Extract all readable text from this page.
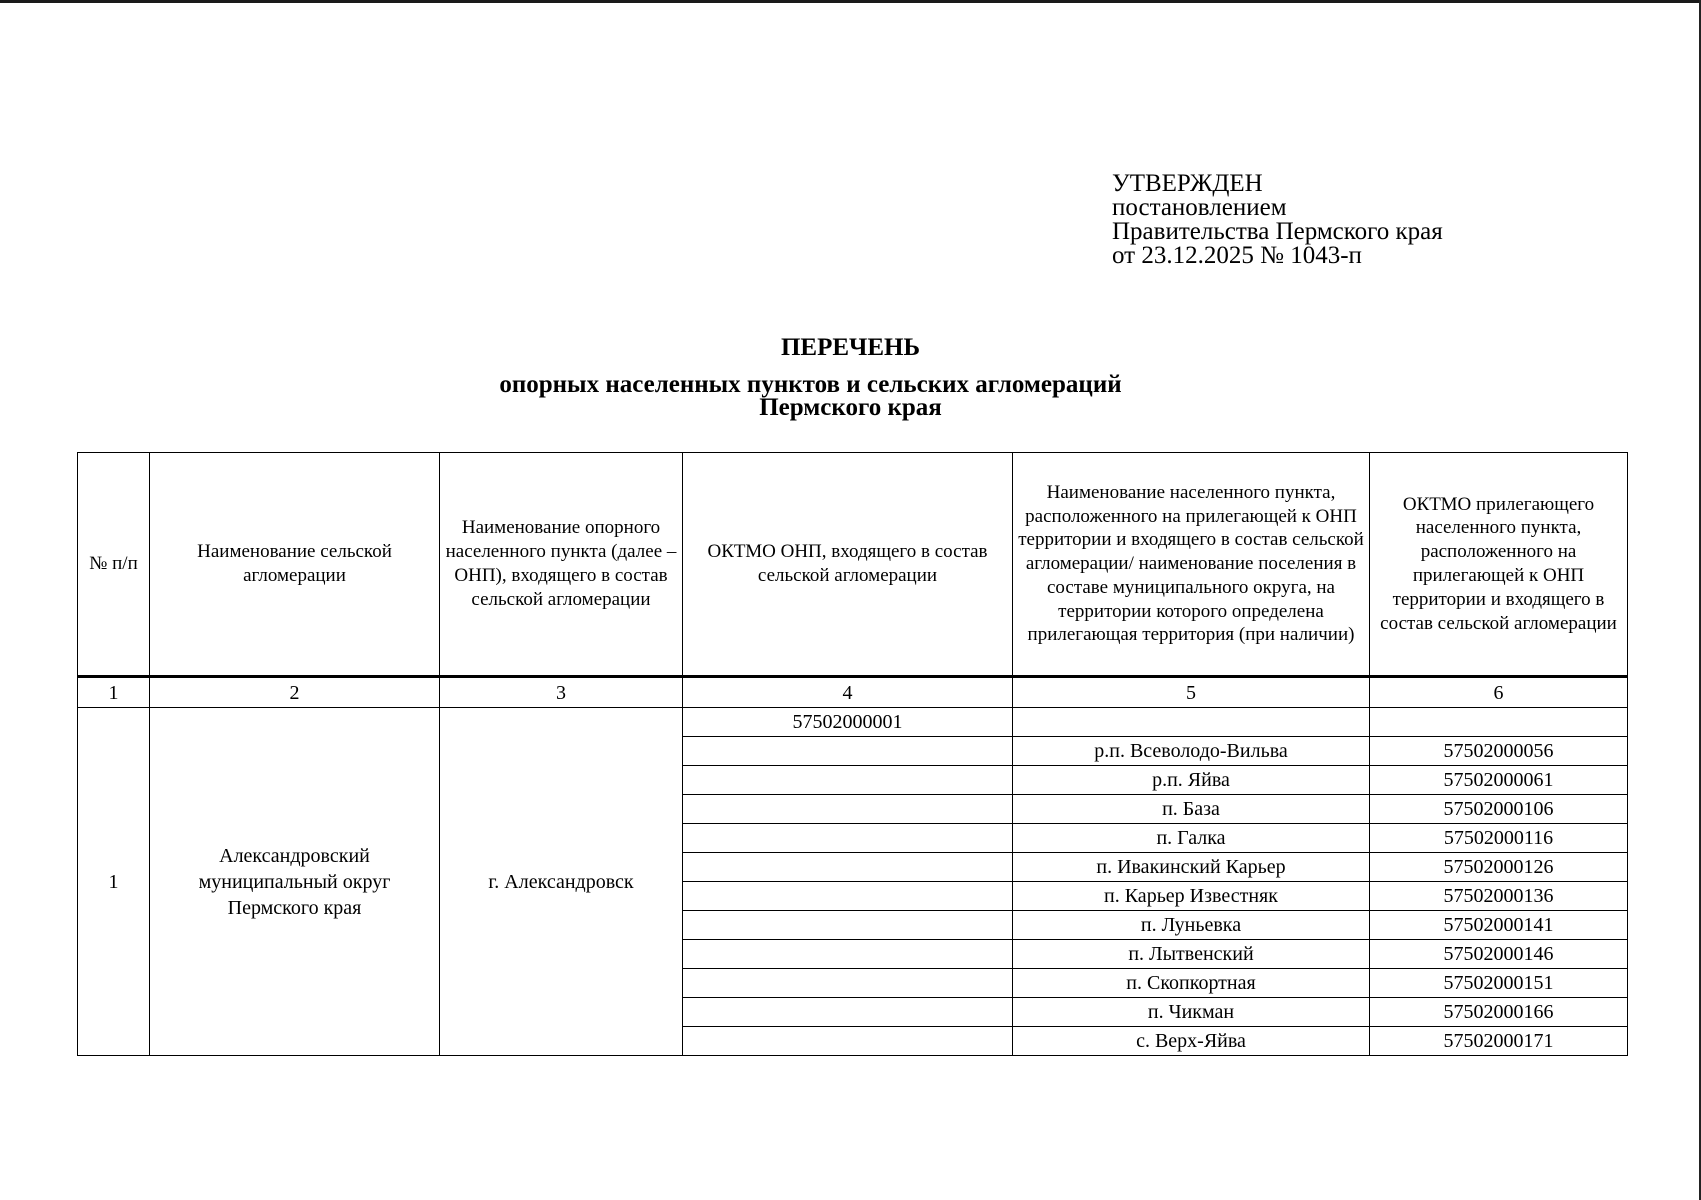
УТВЕРЖДЕН
постановлением
Правительства Пермского края
от 23.12.2025 № 1043-п
ПЕРЕЧЕНЬ
опорных населенных пунктов и сельских агломераций
Пермского края
№ п/п	Наименование сельской агломерации	Наименование опорного населенного пункта (далее – ОНП), входящего в состав сельской агломерации	ОКТМО ОНП, входящего в состав сельской агломерации	Наименование населенного пункта, расположенного на прилегающей к ОНП территории и входящего в состав сельской агломерации/ наименование поселения в составе муниципального округа, на территории которого определена прилегающая территория (при наличии)	ОКТМО прилегающего населенного пункта, расположенного на прилегающей к ОНП территории и входящего в состав сельской агломерации
1	2	3	4	5	6
1	Александровский муниципальный округ Пермского края	г. Александровск	57502000001		
				р.п. Всеволодо-Вильва	57502000056
				р.п. Яйва	57502000061
				п. База	57502000106
				п. Галка	57502000116
				п. Ивакинский Карьер	57502000126
				п. Карьер Известняк	57502000136
				п. Луньевка	57502000141
				п. Лытвенский	57502000146
				п. Скопкортная	57502000151
				п. Чикман	57502000166
				с. Верх-Яйва	57502000171
